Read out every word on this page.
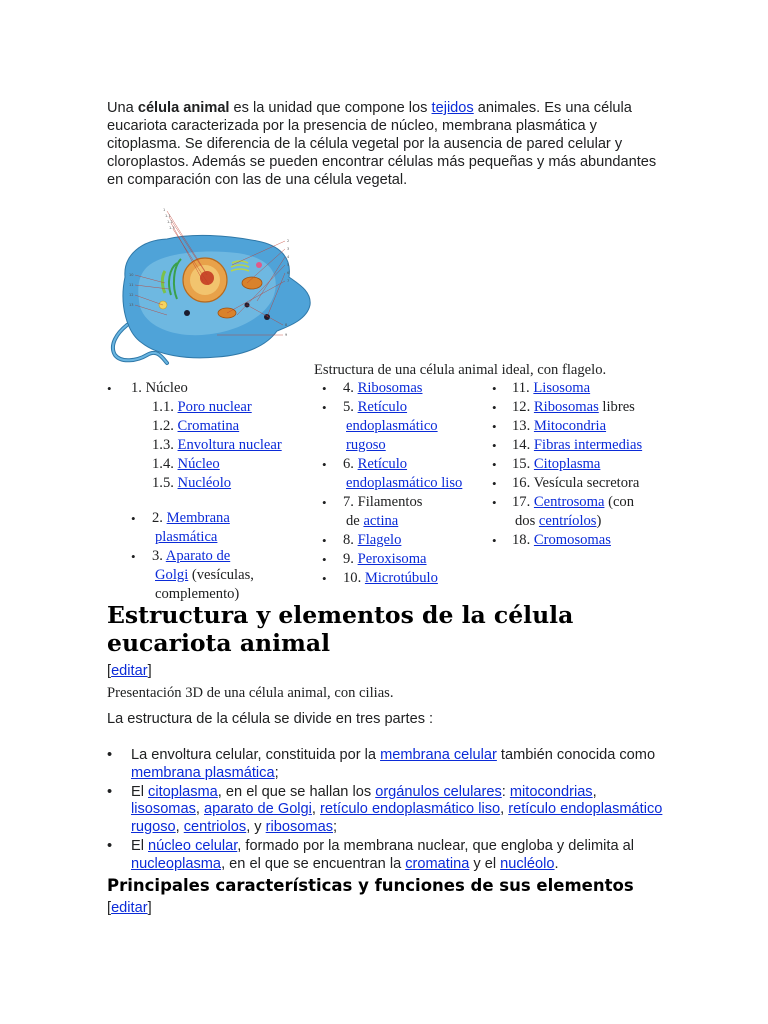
Una célula animal es la unidad que compone los tejidos animales. Es una célula eucariota caracterizada por la presencia de núcleo, membrana plasmática y citoplasma. Se diferencia de la célula vegetal por la ausencia de pared celular y cloroplastos. Además se pueden encontrar células más pequeñas y más abundantes en comparación con las de una célula vegetal.
1
1.1
1.2
1.3
2
3
4
5
6
7
8
9
10
11
12
13
Estructura de una célula animal ideal, con flagelo.
• 1. Núcleo
1.1. Poro nuclear
1.2. Cromatina
1.3. Envoltura nuclear
1.4. Núcleo
1.5. Nucléolo
• 2. Membrana
plasmática
• 3. Aparato de
Golgi (vesículas,
complemento)
• 4. Ribosomas
• 5. Retículo
endoplasmático
rugoso
• 6. Retículo
endoplasmático liso
• 7. Filamentos
de actina
• 8. Flagelo
• 9. Peroxisoma
• 10. Microtúbulo
• 11. Lisosoma
• 12. Ribosomas libres
• 13. Mitocondria
• 14. Fibras intermedias
• 15. Citoplasma
• 16. Vesícula secretora
• 17. Centrosoma (con
dos centríolos)
• 18. Cromosomas
Estructura y elementos de la célula eucariota animal
[editar]
Presentación 3D de una célula animal, con cilias.
La estructura de la célula se divide en tres partes :
• La envoltura celular, constituida por la membrana celular también conocida como membrana plasmática;
• El citoplasma, en el que se hallan los orgánulos celulares: mitocondrias, lisosomas, aparato de Golgi, retículo endoplasmático liso, retículo endoplasmático rugoso, centriolos, y ribosomas;
• El núcleo celular, formado por la membrana nuclear, que engloba y delimita al nucleoplasma, en el que se encuentran la cromatina y el nucléolo.
Principales características y funciones de sus elementos
[editar]
